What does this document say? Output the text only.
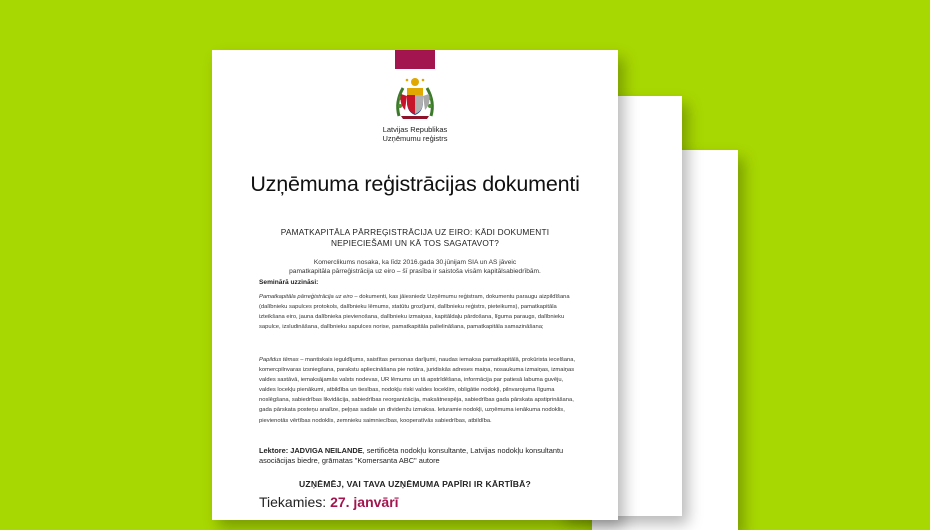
Latvijas Republikas
Uzņēmumu reģistrs
Uzņēmuma reģistrācijas dokumenti
PAMATKAPITĀLA PĀRREĢISTRĀCIJA UZ EIRO: KĀDI DOKUMENTI
NEPIECIEŠAMI UN KĀ TOS SAGATAVOT?
Komerclikums nosaka, ka līdz 2016.gada 30.jūnijam SIA un AS jāveic
pamatkapitāla pārreģistrācija uz eiro – šī prasība ir saistoša visām kapitālsabiedrībām.
Seminārā uzzināsi:

Pamatkapitāla pārreģistrācija uz eiro – dokumenti, kas jāiesniedz Uzņēmumu reģistram, dokumentu paraugu aizpildīšana (dalībnieku sapulces protokols, dalībnieku lēmums, statūtu grozījumi, dalībnieku reģistrs, pieteikums), pamatkapitāla izteikšana eiro, jauna dalībnieka pievienošana, dalībnieku izmaiņas, kapitāldaļu pārdošana, līguma paraugs, dalībnieku sapulce, izsludināšana, dalībnieku sapulces norise, pamatkapitāla palielināšana, pamatkapitāla samazināšana;

Papildus tēmas – mantiskais ieguldījums, saistītas personas darījumi, naudas iemaksa pamatkapitālā, prokūrista iecelšana, komercpilnvaras izsniegšana, parakstu apliecināšana pie notāra, juridiskās adreses maiņa, nosaukuma izmaiņas, izmaiņas valdes sastāvā, iemaksājamās valsts nodevas, UR lēmums un tā apstrīdēšana, informācija par patiesā labuma guvēju, valdes locekļu pienākumi, atbildība un tiesības, nodokļu riski valdes loceklim, obligātie nodokļi, pilnvarojuma līguma noslēgšana, sabiedrības likvidācija, sabiedrības reorganizācija, maksātnespēja, sabiedrības gada pārskata apstiprināšana, gada pārskata posteņu analīze, peļņas sadale un dividenžu izmaksa. Ieturamie nodokļi, uzņēmuma ienākuma nodoklis, pievienotās vērtības nodoklis, zemnieku saimniecības, kooperatīvās sabiedrības, atbildība.

Lektore: JADVIGA NEILANDE, sertificēta nodokļu konsultante, Latvijas nodokļu konsultantu asociācijas biedre, grāmatas "Komersanta ABC" autore
UZŅĒMĒJ, VAI TAVA UZŅĒMUMA PAPĪRI IR KĀRTĪBĀ?
Tiekamies: 27. janvārī
